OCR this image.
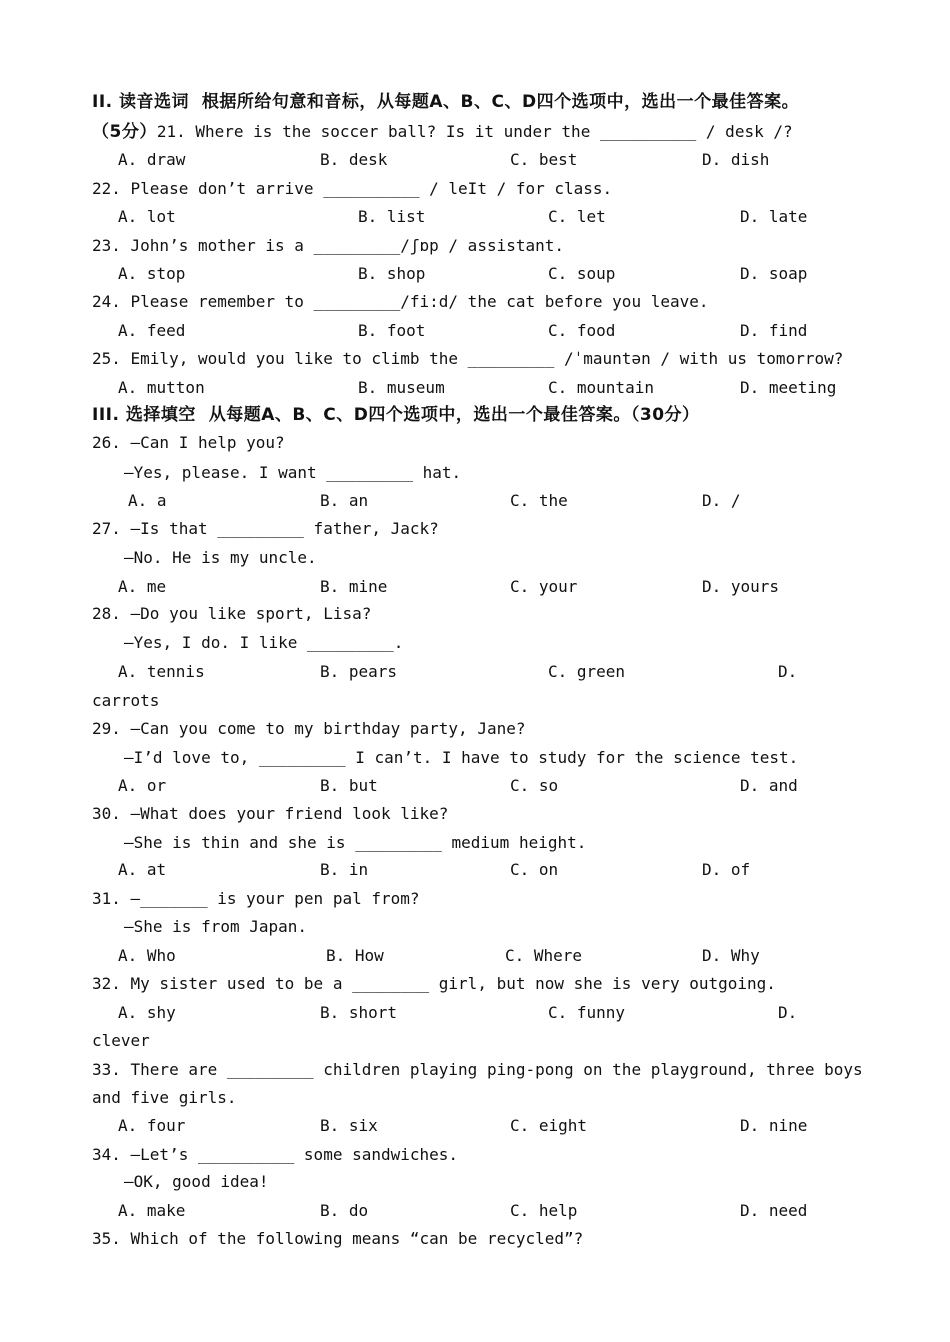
II. 读音选词  根据所给句意和音标，从每题A、B、C、D四个选项中，选出一个最佳答案。
（5分）21. Where is the soccer ball? Is it under the __________ / desk /?
A. draw	B. desk	C. best	D. dish
22. Please don’t arrive __________ / leIt / for class.
A. lot	B. list	C. let	D. late
23. John’s mother is a _________/ʃɒp / assistant.
A. stop	B. shop	C. soup	D. soap
24. Please remember to _________/fi:d/ the cat before you leave.
A. feed	B. foot	C. food	D. find
25. Emily, would you like to climb the _________ /ˈmauntən / with us tomorrow?
A. mutton	B. museum	C. mountain	D. meeting
III. 选择填空  从每题A、B、C、D四个选项中，选出一个最佳答案。（30分）
26. –Can I help you?
–Yes, please. I want _________ hat.
A. a	B. an	C. the	D. /
27. –Is that _________ father, Jack?
–No. He is my uncle.
A. me	B. mine	C. your	D. yours
28. –Do you like sport, Lisa?
–Yes, I do. I like _________.
A. tennis	B. pears	C. green	D.
carrots
29. –Can you come to my birthday party, Jane?
–I’d love to, _________ I can’t. I have to study for the science test.
A. or	B. but	C. so	D. and
30. –What does your friend look like?
–She is thin and she is _________ medium height.
A. at	B. in	C. on	D. of
31. –_______ is your pen pal from?
–She is from Japan.
A. Who	B. How	C. Where	D. Why
32. My sister used to be a ________ girl, but now she is very outgoing.
A. shy	B. short	C. funny	D.
clever
33. There are _________ children playing ping-pong on the playground, three boys
and five girls.
A. four	B. six	C. eight	D. nine
34. –Let’s __________ some sandwiches.
–OK, good idea!
A. make	B. do	C. help	D. need
35. Which of the following means “can be recycled”?
